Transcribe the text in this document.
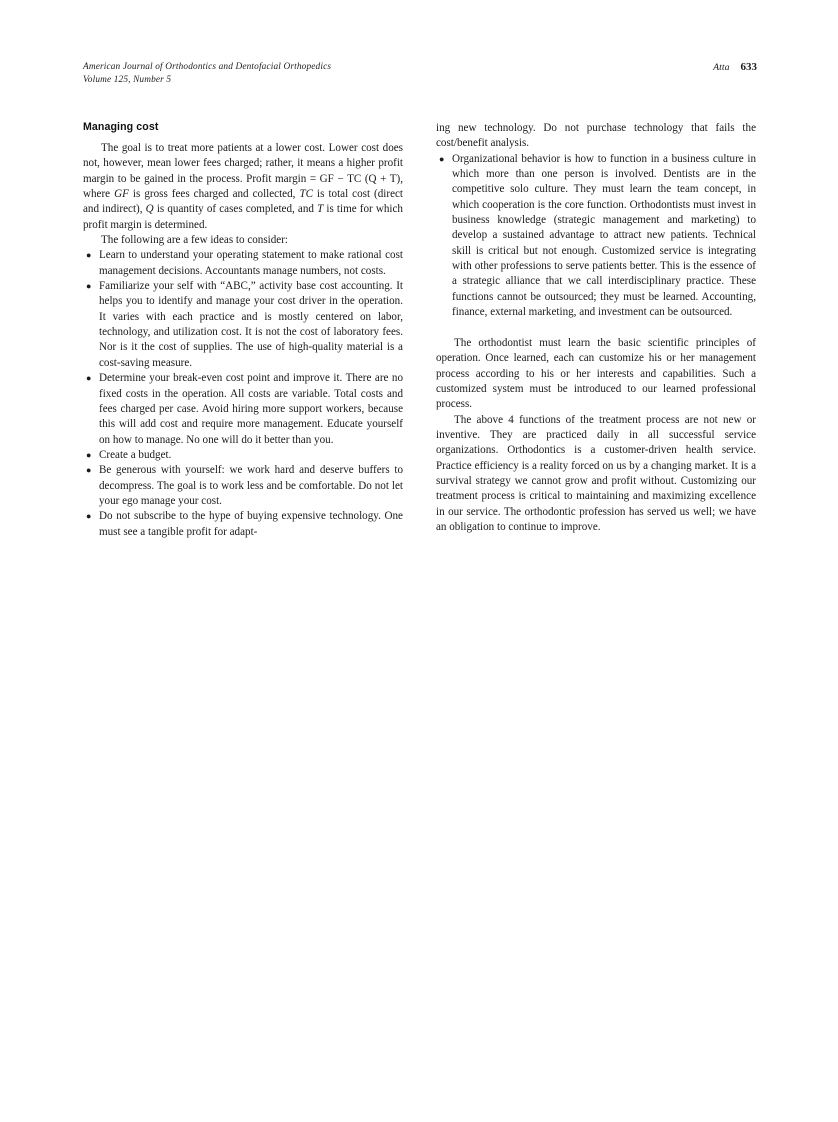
American Journal of Orthodontics and Dentofacial Orthopedics
Volume 125, Number 5
Atta 633
Managing cost

The goal is to treat more patients at a lower cost. Lower cost does not, however, mean lower fees charged; rather, it means a higher profit margin to be gained in the process. Profit margin = GF − TC (Q + T), where GF is gross fees charged and collected, TC is total cost (direct and indirect), Q is quantity of cases completed, and T is time for which profit margin is determined.

The following are a few ideas to consider:

● Learn to understand your operating statement to make rational cost management decisions. Accountants manage numbers, not costs.
● Familiarize your self with “ABC,” activity base cost accounting. It helps you to identify and manage your cost driver in the operation. It varies with each practice and is mostly centered on labor, technology, and utilization cost. It is not the cost of laboratory fees. Nor is it the cost of supplies. The use of high-quality material is a cost-saving measure.
● Determine your break-even cost point and improve it. There are no fixed costs in the operation. All costs are variable. Total costs and fees charged per case. Avoid hiring more support workers, because this will add cost and require more management. Educate yourself on how to manage. No one will do it better than you.
● Create a budget.
● Be generous with yourself: we work hard and deserve buffers to decompress. The goal is to work less and be comfortable. Do not let your ego manage your cost.
● Do not subscribe to the hype of buying expensive technology. One must see a tangible profit for adapt-

ing new technology. Do not purchase technology that fails the cost/benefit analysis.

● Organizational behavior is how to function in a business culture in which more than one person is involved. Dentists are in the competitive solo culture. They must learn the team concept, in which cooperation is the core function. Orthodontists must invest in business knowledge (strategic management and marketing) to develop a sustained advantage to attract new patients. Technical skill is critical but not enough. Customized service is integrating with other professions to serve patients better. This is the essence of a strategic alliance that we call interdisciplinary practice. These functions cannot be outsourced; they must be learned. Accounting, finance, external marketing, and investment can be outsourced.

The orthodontist must learn the basic scientific principles of operation. Once learned, each can customize his or her management process according to his or her interests and capabilities. Such a customized system must be introduced to our learned professional process.

The above 4 functions of the treatment process are not new or inventive. They are practiced daily in all successful service organizations. Orthodontics is a customer-driven health service. Practice efficiency is a reality forced on us by a changing market. It is a survival strategy we cannot grow and profit without. Customizing our treatment process is critical to maintaining and maximizing excellence in our service. The orthodontic profession has served us well; we have an obligation to continue to improve.
